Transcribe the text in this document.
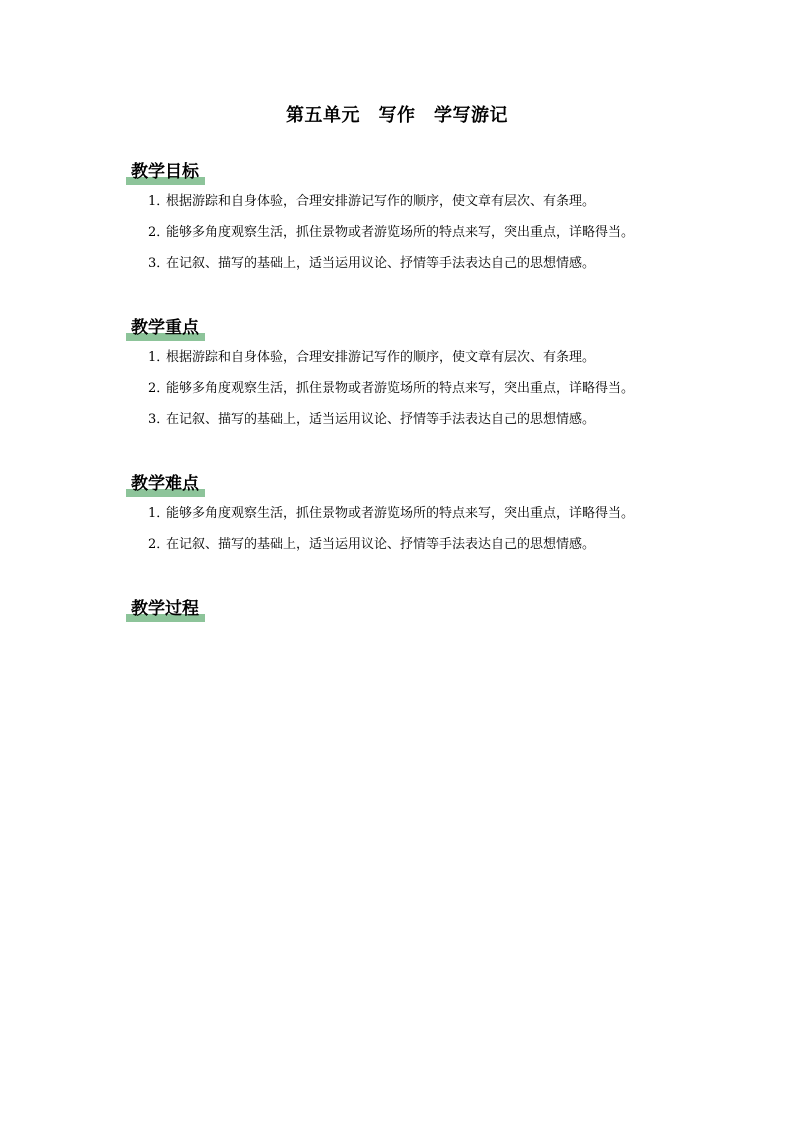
第五单元　写作　学写游记
教学目标
1．根据游踪和自身体验，合理安排游记写作的顺序，使文章有层次、有条理。
2．能够多角度观察生活，抓住景物或者游览场所的特点来写，突出重点，详略得当。
3．在记叙、描写的基础上，适当运用议论、抒情等手法表达自己的思想情感。
教学重点
1．根据游踪和自身体验，合理安排游记写作的顺序，使文章有层次、有条理。
2．能够多角度观察生活，抓住景物或者游览场所的特点来写，突出重点，详略得当。
3．在记叙、描写的基础上，适当运用议论、抒情等手法表达自己的思想情感。
教学难点
1．能够多角度观察生活，抓住景物或者游览场所的特点来写，突出重点，详略得当。
2．在记叙、描写的基础上，适当运用议论、抒情等手法表达自己的思想情感。
教学过程
